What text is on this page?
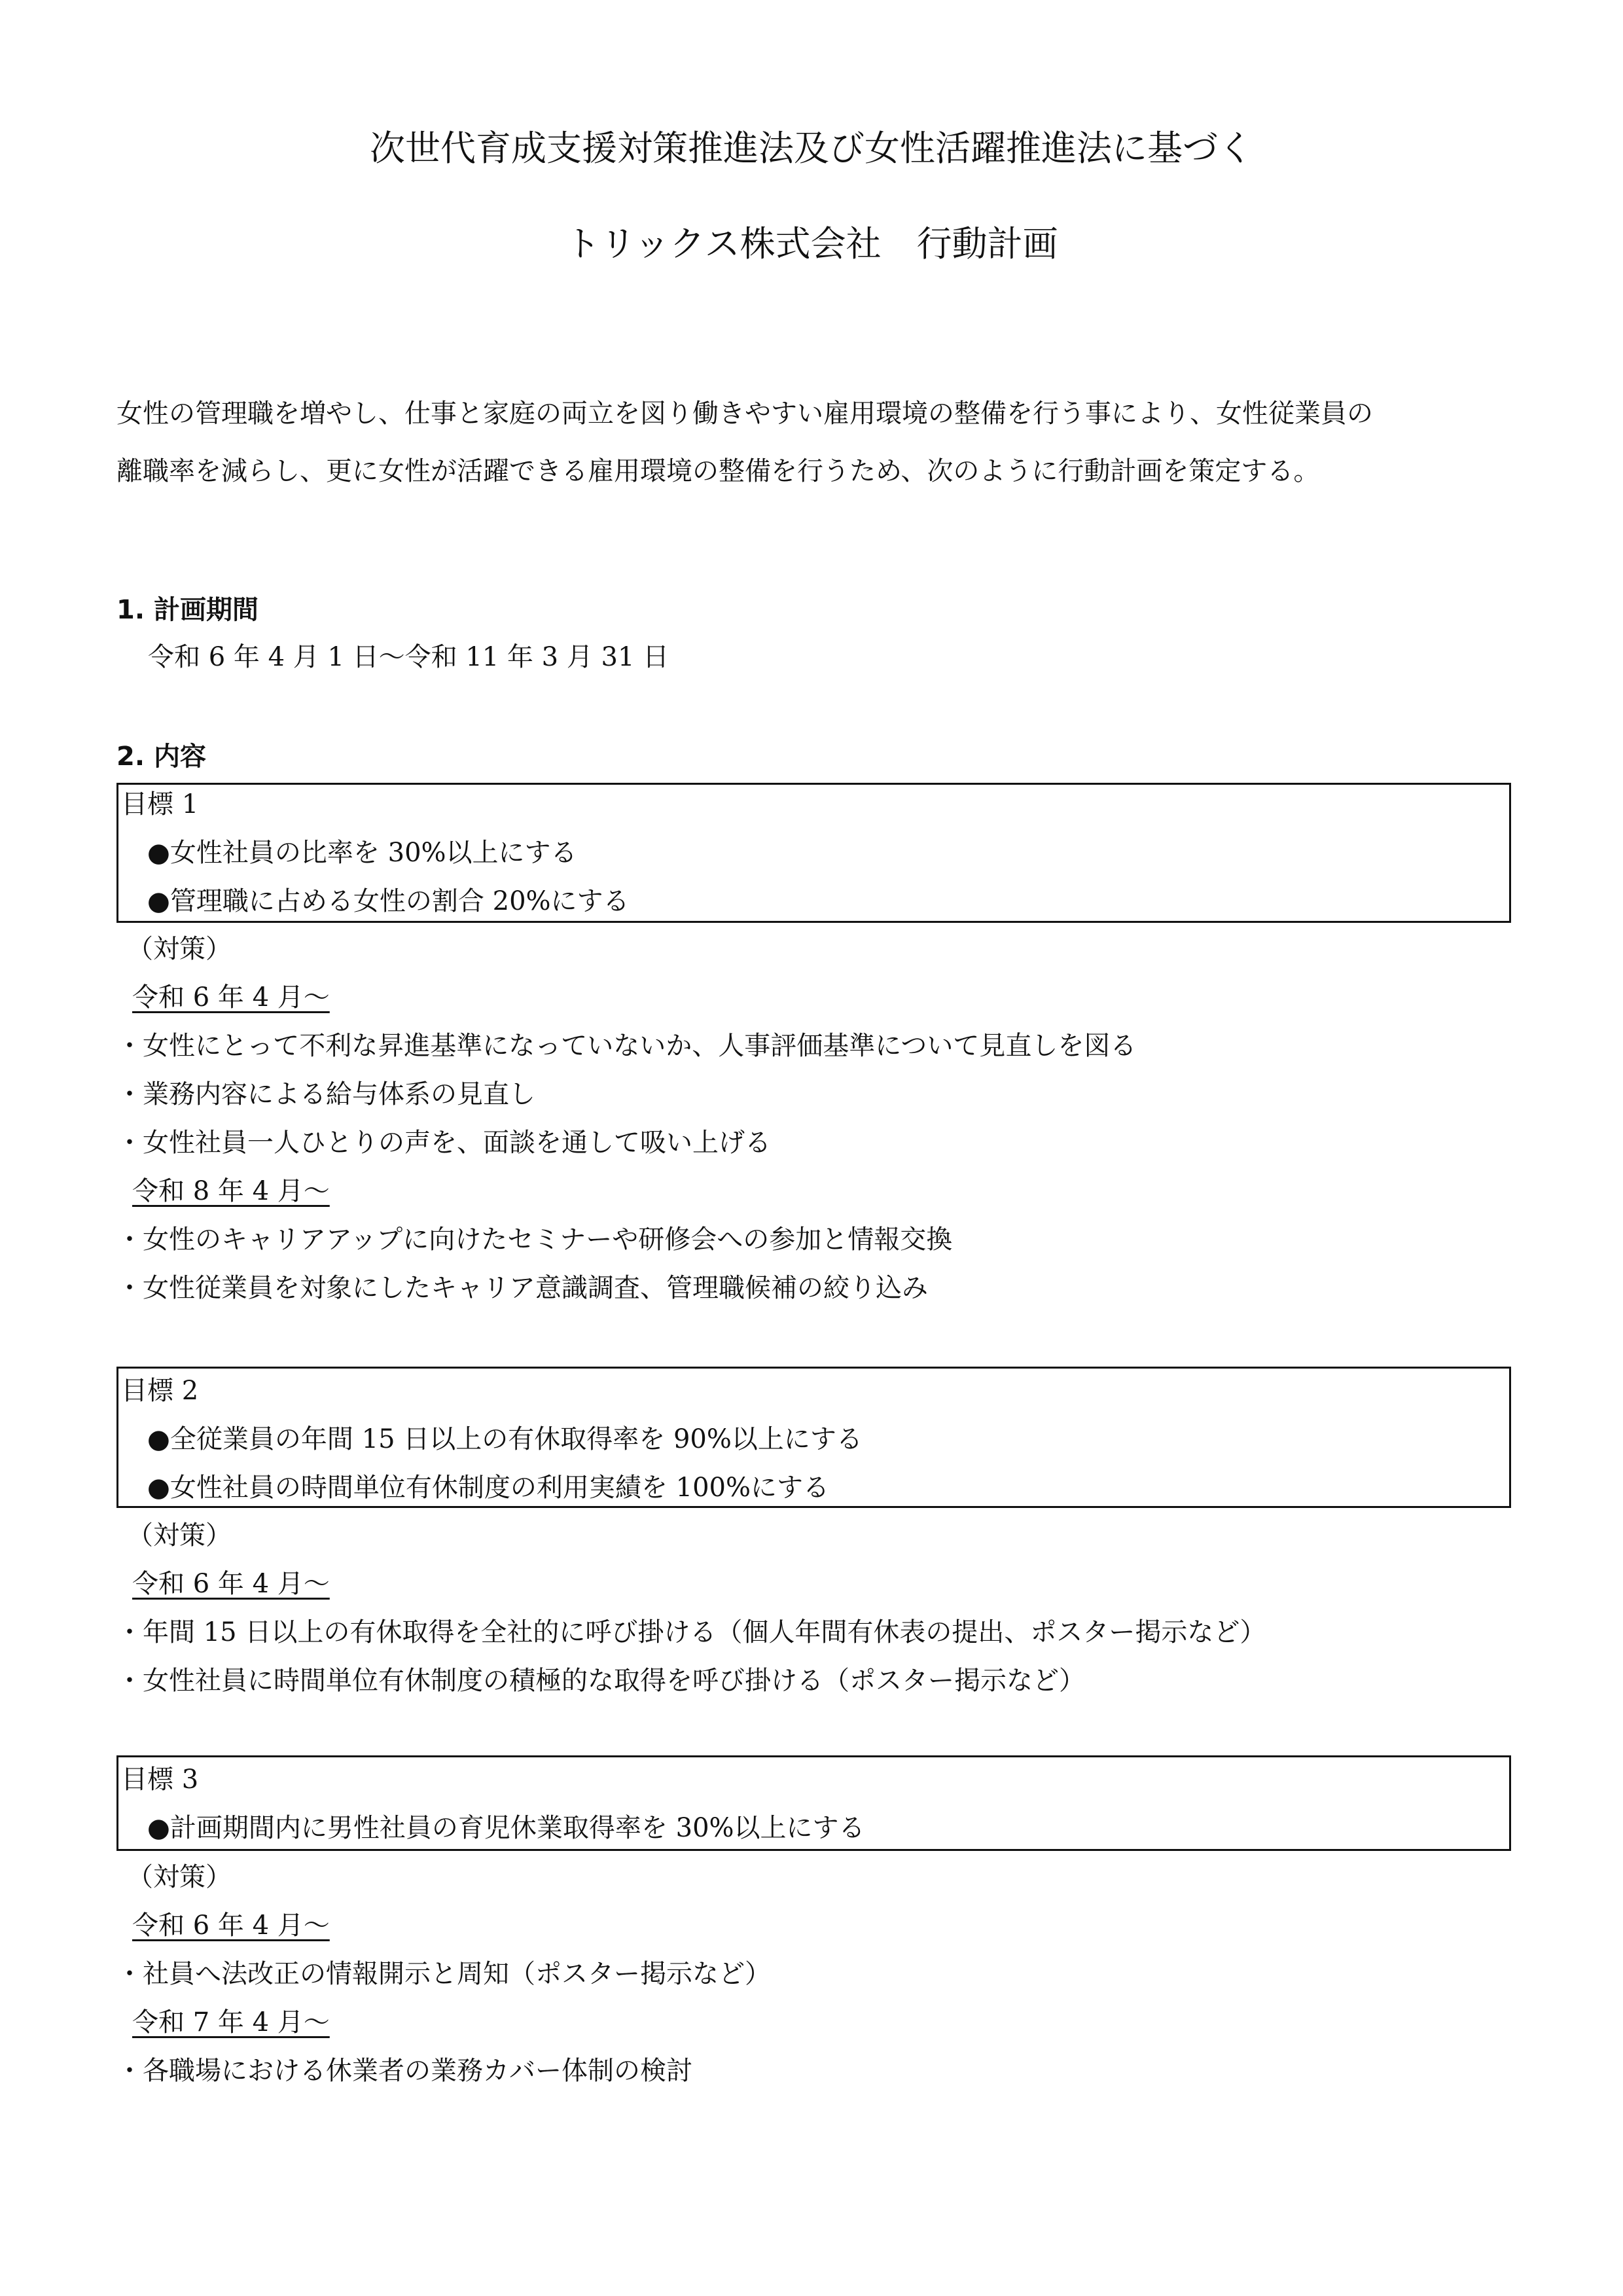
次世代育成支援対策推進法及び女性活躍推進法に基づく
トリックス株式会社　行動計画
女性の管理職を増やし、仕事と家庭の両立を図り働きやすい雇用環境の整備を行う事により、女性従業員の
離職率を減らし、更に女性が活躍できる雇用環境の整備を行うため、次のように行動計画を策定する。
1. 計画期間
令和 6 年 4 月 1 日～令和 11 年 3 月 31 日
2. 内容
目標 1
●女性社員の比率を 30%以上にする
●管理職に占める女性の割合 20%にする
（対策）
令和 6 年 4 月～
・女性にとって不利な昇進基準になっていないか、人事評価基準について見直しを図る
・業務内容による給与体系の見直し
・女性社員一人ひとりの声を、面談を通して吸い上げる
令和 8 年 4 月～
・女性のキャリアアップに向けたセミナーや研修会への参加と情報交換
・女性従業員を対象にしたキャリア意識調査、管理職候補の絞り込み
目標 2
●全従業員の年間 15 日以上の有休取得率を 90%以上にする
●女性社員の時間単位有休制度の利用実績を 100%にする
（対策）
令和 6 年 4 月～
・年間 15 日以上の有休取得を全社的に呼び掛ける（個人年間有休表の提出、ポスター掲示など）
・女性社員に時間単位有休制度の積極的な取得を呼び掛ける（ポスター掲示など）
目標 3
●計画期間内に男性社員の育児休業取得率を 30%以上にする
（対策）
令和 6 年 4 月～
・社員へ法改正の情報開示と周知（ポスター掲示など）
令和 7 年 4 月～
・各職場における休業者の業務カバー体制の検討
